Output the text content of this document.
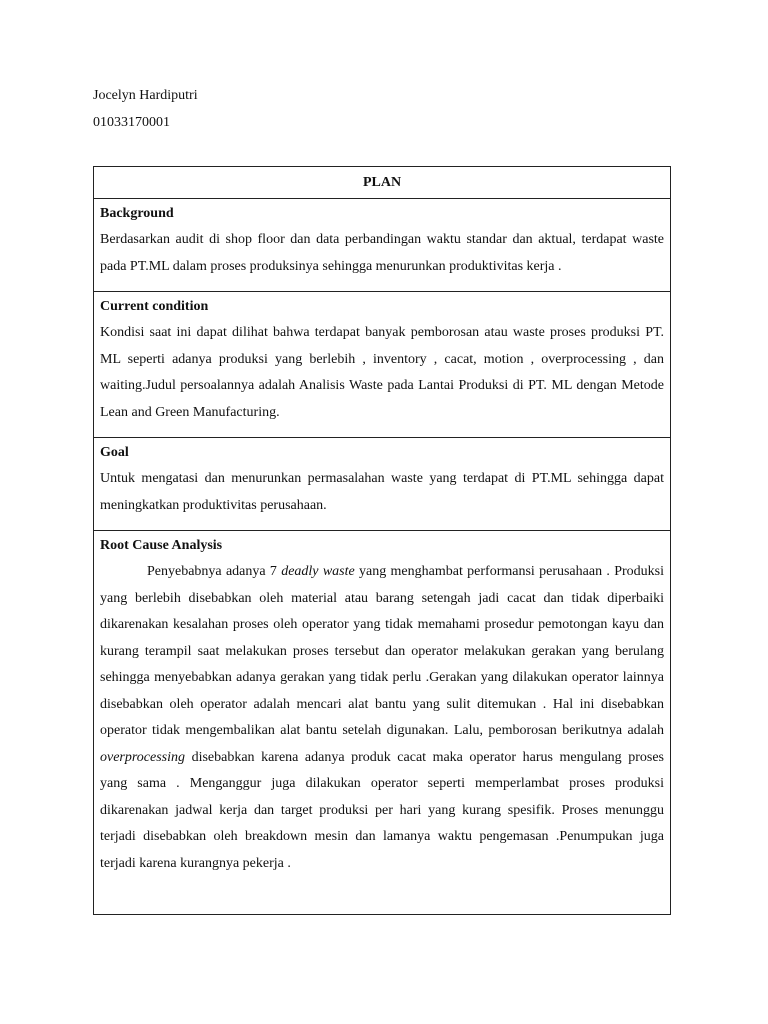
Jocelyn Hardiputri
01033170001
PLAN
Background

Berdasarkan audit di shop floor dan data perbandingan waktu standar dan aktual, terdapat waste pada PT.ML dalam proses produksinya sehingga menurunkan produktivitas kerja .

Current condition

Kondisi saat ini dapat dilihat bahwa terdapat banyak pemborosan atau waste proses produksi PT. ML seperti adanya produksi yang berlebih , inventory , cacat, motion , overprocessing , dan waiting.Judul persoalannya adalah Analisis Waste pada Lantai Produksi di PT. ML dengan Metode Lean and Green Manufacturing.

Goal

Untuk mengatasi dan menurunkan permasalahan waste yang terdapat di PT.ML sehingga dapat meningkatkan produktivitas perusahaan.

Root Cause Analysis

Penyebabnya adanya 7 deadly waste yang menghambat performansi perusahaan . Produksi yang berlebih disebabkan oleh material atau barang setengah jadi cacat dan tidak diperbaiki dikarenakan kesalahan proses oleh operator yang tidak memahami prosedur pemotongan kayu dan kurang terampil saat melakukan proses tersebut dan operator melakukan gerakan yang berulang sehingga menyebabkan adanya gerakan yang tidak perlu .Gerakan yang dilakukan operator lainnya disebabkan oleh operator adalah mencari alat bantu yang sulit ditemukan . Hal ini disebabkan operator tidak mengembalikan alat bantu setelah digunakan. Lalu, pemborosan berikutnya adalah overprocessing disebabkan karena adanya produk cacat maka operator harus mengulang proses yang sama . Menganggur juga dilakukan operator seperti memperlambat proses produksi dikarenakan jadwal kerja dan target produksi per hari yang kurang spesifik. Proses menunggu terjadi disebabkan oleh breakdown mesin dan lamanya waktu pengemasan .Penumpukan juga terjadi karena kurangnya pekerja .
